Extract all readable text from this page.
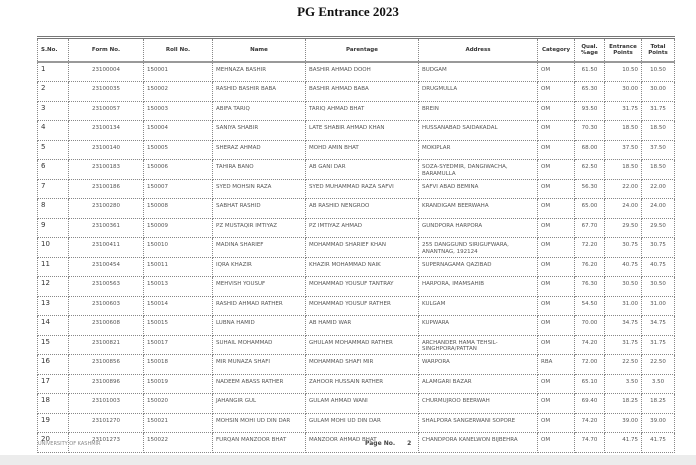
PG Entrance 2023
S.No.	Form No.	Roll No.	Name	Parentage	Address	Category	Qual. %age	Entrance Points	Total Points
1	23100004	150001	MEHNAZA BASHIR	BASHIR AHMAD DOOH	BUDGAM	OM	61.50	10.50	10.50
2	23100035	150002	RASHID BASHIR BABA	BASHIR AHMAD BABA	DRUGMULLA	OM	65.30	30.00	30.00
3	23100057	150003	ABIFA TARIQ	TARIQ AHMAD BHAT	BREIN	OM	93.50	31.75	31.75
4	23100134	150004	SANIYA SHABIR	LATE SHABIR AHMAD KHAN	HUSSANABAD SAIDAKADAL	OM	70.30	18.50	18.50
5	23100140	150005	SHERAZ AHMAD	MOHD AMIN BHAT	MOKIPLAR	OM	68.00	37.50	37.50
6	23100183	150006	TAHIRA BANO	AB GANI DAR	SOZA-SYEDMIR, DANGIWACHA, BARAMULLA	OM	62.50	18.50	18.50
7	23100186	150007	SYED MOHSIN RAZA	SYED MUHAMMAD RAZA SAFVI	SAFVI ABAD BEMINA	OM	56.30	22.00	22.00
8	23100280	150008	SABHAT RASHID	AB RASHID NENGROO	KRANDIGAM BEERWAHA	OM	65.00	24.00	24.00
9	23100361	150009	PZ MUSTAQIR IMTIYAZ	PZ IMTIYAZ AHMAD	GUNDPORA HARPORA	OM	67.70	29.50	29.50
10	23100411	150010	MADINA SHARIEF	MOHAMMAD SHARIEF KHAN	255 DANGGUND SIRIGUFWARA, ANANTNAG, 192124	OM	72.20	30.75	30.75
11	23100454	150011	IQRA KHAZIR	KHAZIR MOHAMMAD NAIK	SUPERNAGAMA QAZIBAD	OM	76.20	40.75	40.75
12	23100563	150013	MEHVISH YOUSUF	MOHAMMAD YOUSUF TANTRAY	HARPORA, IMAMSAHIB	OM	76.30	30.50	30.50
13	23100603	150014	RASHID AHMAD RATHER	MOHAMMAD YOUSUF RATHER	KULGAM	OM	54.50	31.00	31.00
14	23100608	150015	LUBNA HAMID	AB HAMID WAR	KUPWARA	OM	70.00	34.75	34.75
15	23100821	150017	SUHAIL MOHAMMAD	GHULAM MOHAMMAD RATHER	ARCHANDER HAMA TEHSIL-SINGHPORA/PATTAN	OM	74.20	31.75	31.75
16	23100856	150018	MIR MUNAZA SHAFI	MOHAMMAD SHAFI MIR	WARPORA	RBA	72.00	22.50	22.50
17	23100896	150019	NADEEM ABASS RATHER	ZAHOOR HUSSAIN RATHER	ALAMGARI BAZAR	OM	65.10	3.50	3.50
18	23101003	150020	JAHANGIR GUL	GULAM AHMAD WANI	CHURMUJROO BEERWAH	OM	69.40	18.25	18.25
19	23101270	150021	MOHSIN MOHI UD DIN DAR	GULAM MOHI UD DIN DAR	SHALPORA SANGERWANI SOPORE	OM	74.20	39.00	39.00
20	23101273	150022	FURQAN MANZOOR BHAT	MANZOOR AHMAD BHAT	CHANDPORA KANELWON BIJBEHRA	OM	74.70	41.75	41.75
UNIVERSITY OF KASHMIR	Page No. 2
